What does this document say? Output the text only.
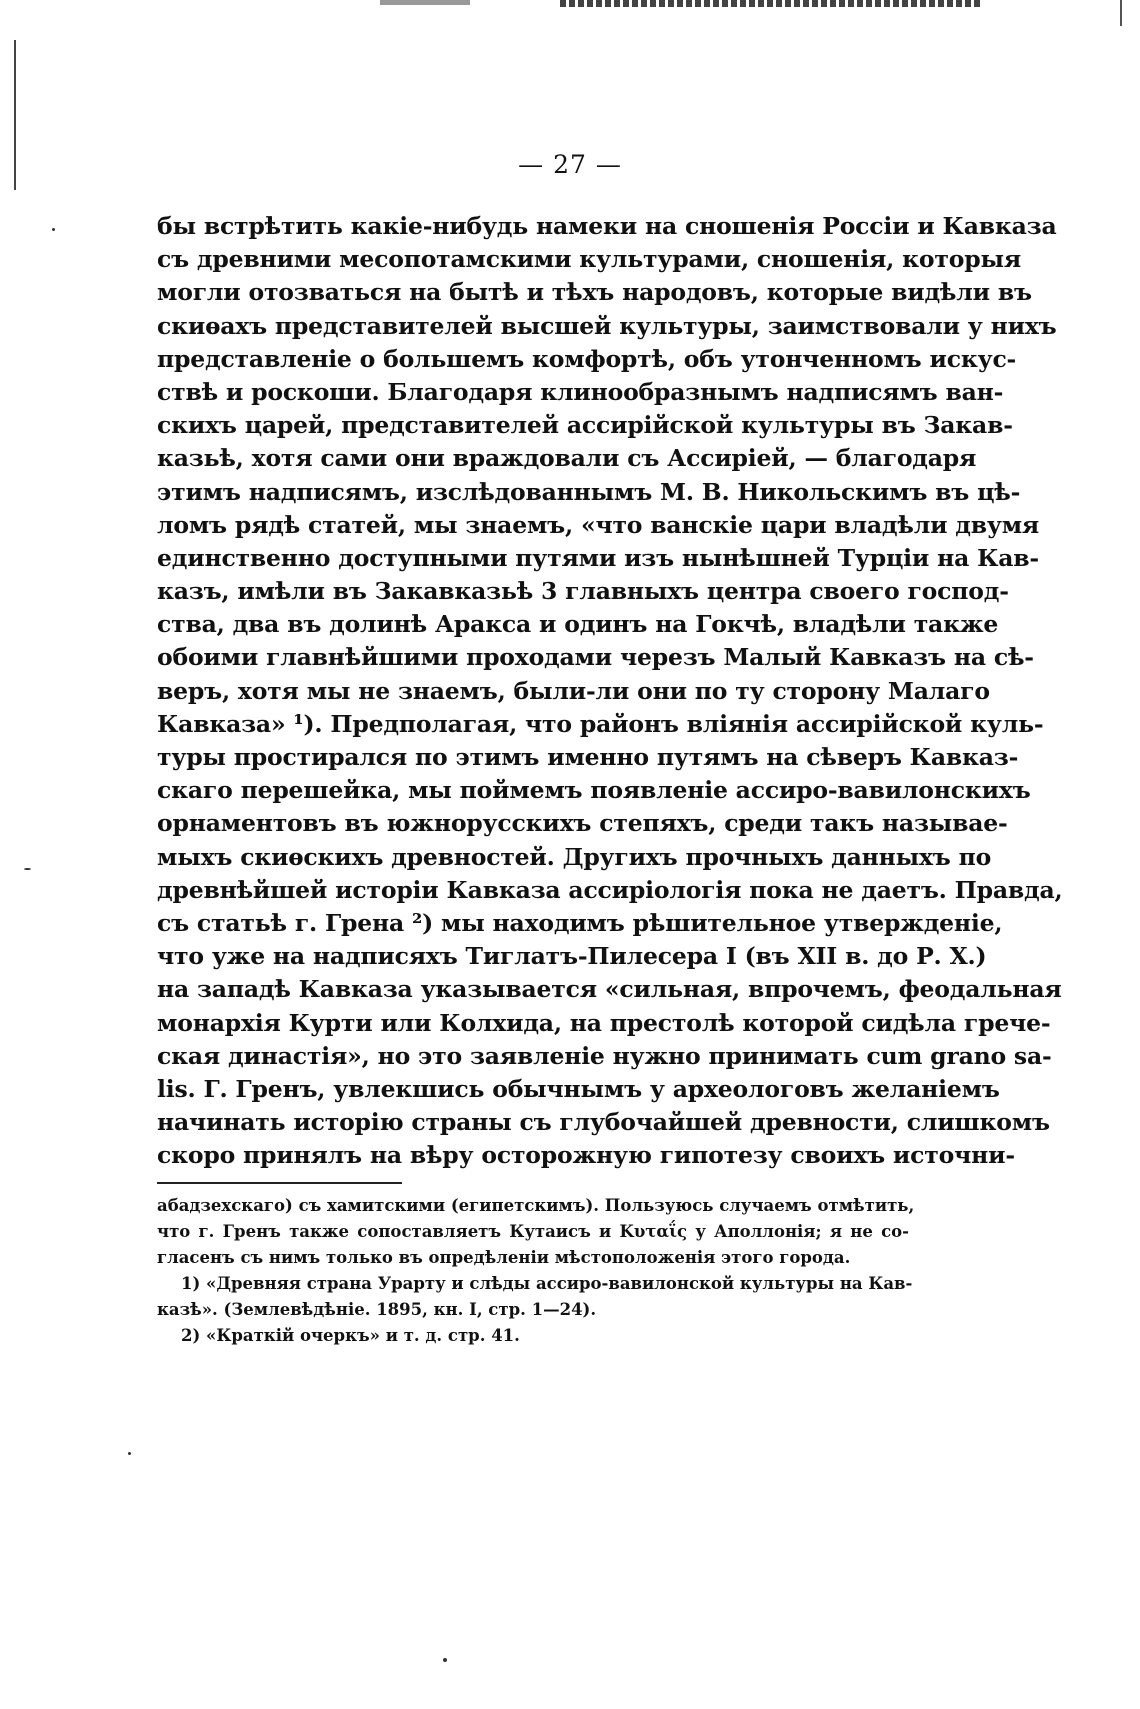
— 27 —
бы встрѣтить какіе-нибудь намеки на сношенія Россіи и Кавказа
съ древними месопотамскими культурами, сношенія, которыя
могли отозваться на бытѣ и тѣхъ народовъ, которые видѣли въ
скиѳахъ представителей высшей культуры, заимствовали у нихъ
представленіе о большемъ комфортѣ, объ утонченномъ искус-
ствѣ и роскоши. Благодаря клинообразнымъ надписямъ ван-
скихъ царей, представителей ассирійской культуры въ Закав-
казьѣ, хотя сами они враждовали съ Ассиріей, — благодаря
этимъ надписямъ, изслѣдованнымъ М. В. Никольскимъ въ цѣ-
ломъ рядѣ статей, мы знаемъ, «что ванскіе цари владѣли двумя
единственно доступными путями изъ нынѣшней Турціи на Кав-
казъ, имѣли въ Закавказьѣ 3 главныхъ центра своего господ-
ства, два въ долинѣ Аракса и одинъ на Гокчѣ, владѣли также
обоими главнѣйшими проходами черезъ Малый Кавказъ на сѣ-
веръ, хотя мы не знаемъ, были-ли они по ту сторону Малаго
Кавказа» ¹). Предполагая, что районъ вліянія ассирійской куль-
туры простирался по этимъ именно путямъ на сѣверъ Кавказ-
скаго перешейка, мы поймемъ появленіе ассиро-вавилонскихъ
орнаментовъ въ южнорусскихъ степяхъ, среди такъ называе-
мыхъ скиѳскихъ древностей. Другихъ прочныхъ данныхъ по
древнѣйшей исторіи Кавказа ассиріологія пока не даетъ. Правда,
съ статьѣ г. Грена ²) мы находимъ рѣшительное утвержденіе,
что уже на надписяхъ Тиглатъ-Пилесера I (въ XII в. до Р. Х.)
на западѣ Кавказа указывается «сильная, впрочемъ, феодальная
монархія Курти или Колхида, на престолѣ которой сидѣла грече-
ская династія», но это заявленіе нужно принимать cum grano sa-
lis. Г. Гренъ, увлекшись обычнымъ у археологовъ желаніемъ
начинать исторію страны съ глубочайшей древности, слишкомъ
скоро принялъ на вѣру осторожную гипотезу своихъ источни-
абадзехскаго) съ хамитскими (египетскимъ). Пользуюсь случаемъ отмѣтить,
что г. Гренъ также сопоставляетъ Кутаисъ и Κυταΐς у Аполлонія; я не со-
гласенъ съ нимъ только въ опредѣленіи мѣстоположенія этого города.
1) «Древняя страна Урарту и слѣды ассиро-вавилонской культуры на Кав-
казѣ». (Землевѣдѣніе. 1895, кн. I, стр. 1—24).
2) «Краткій очеркъ» и т. д. стр. 41.
